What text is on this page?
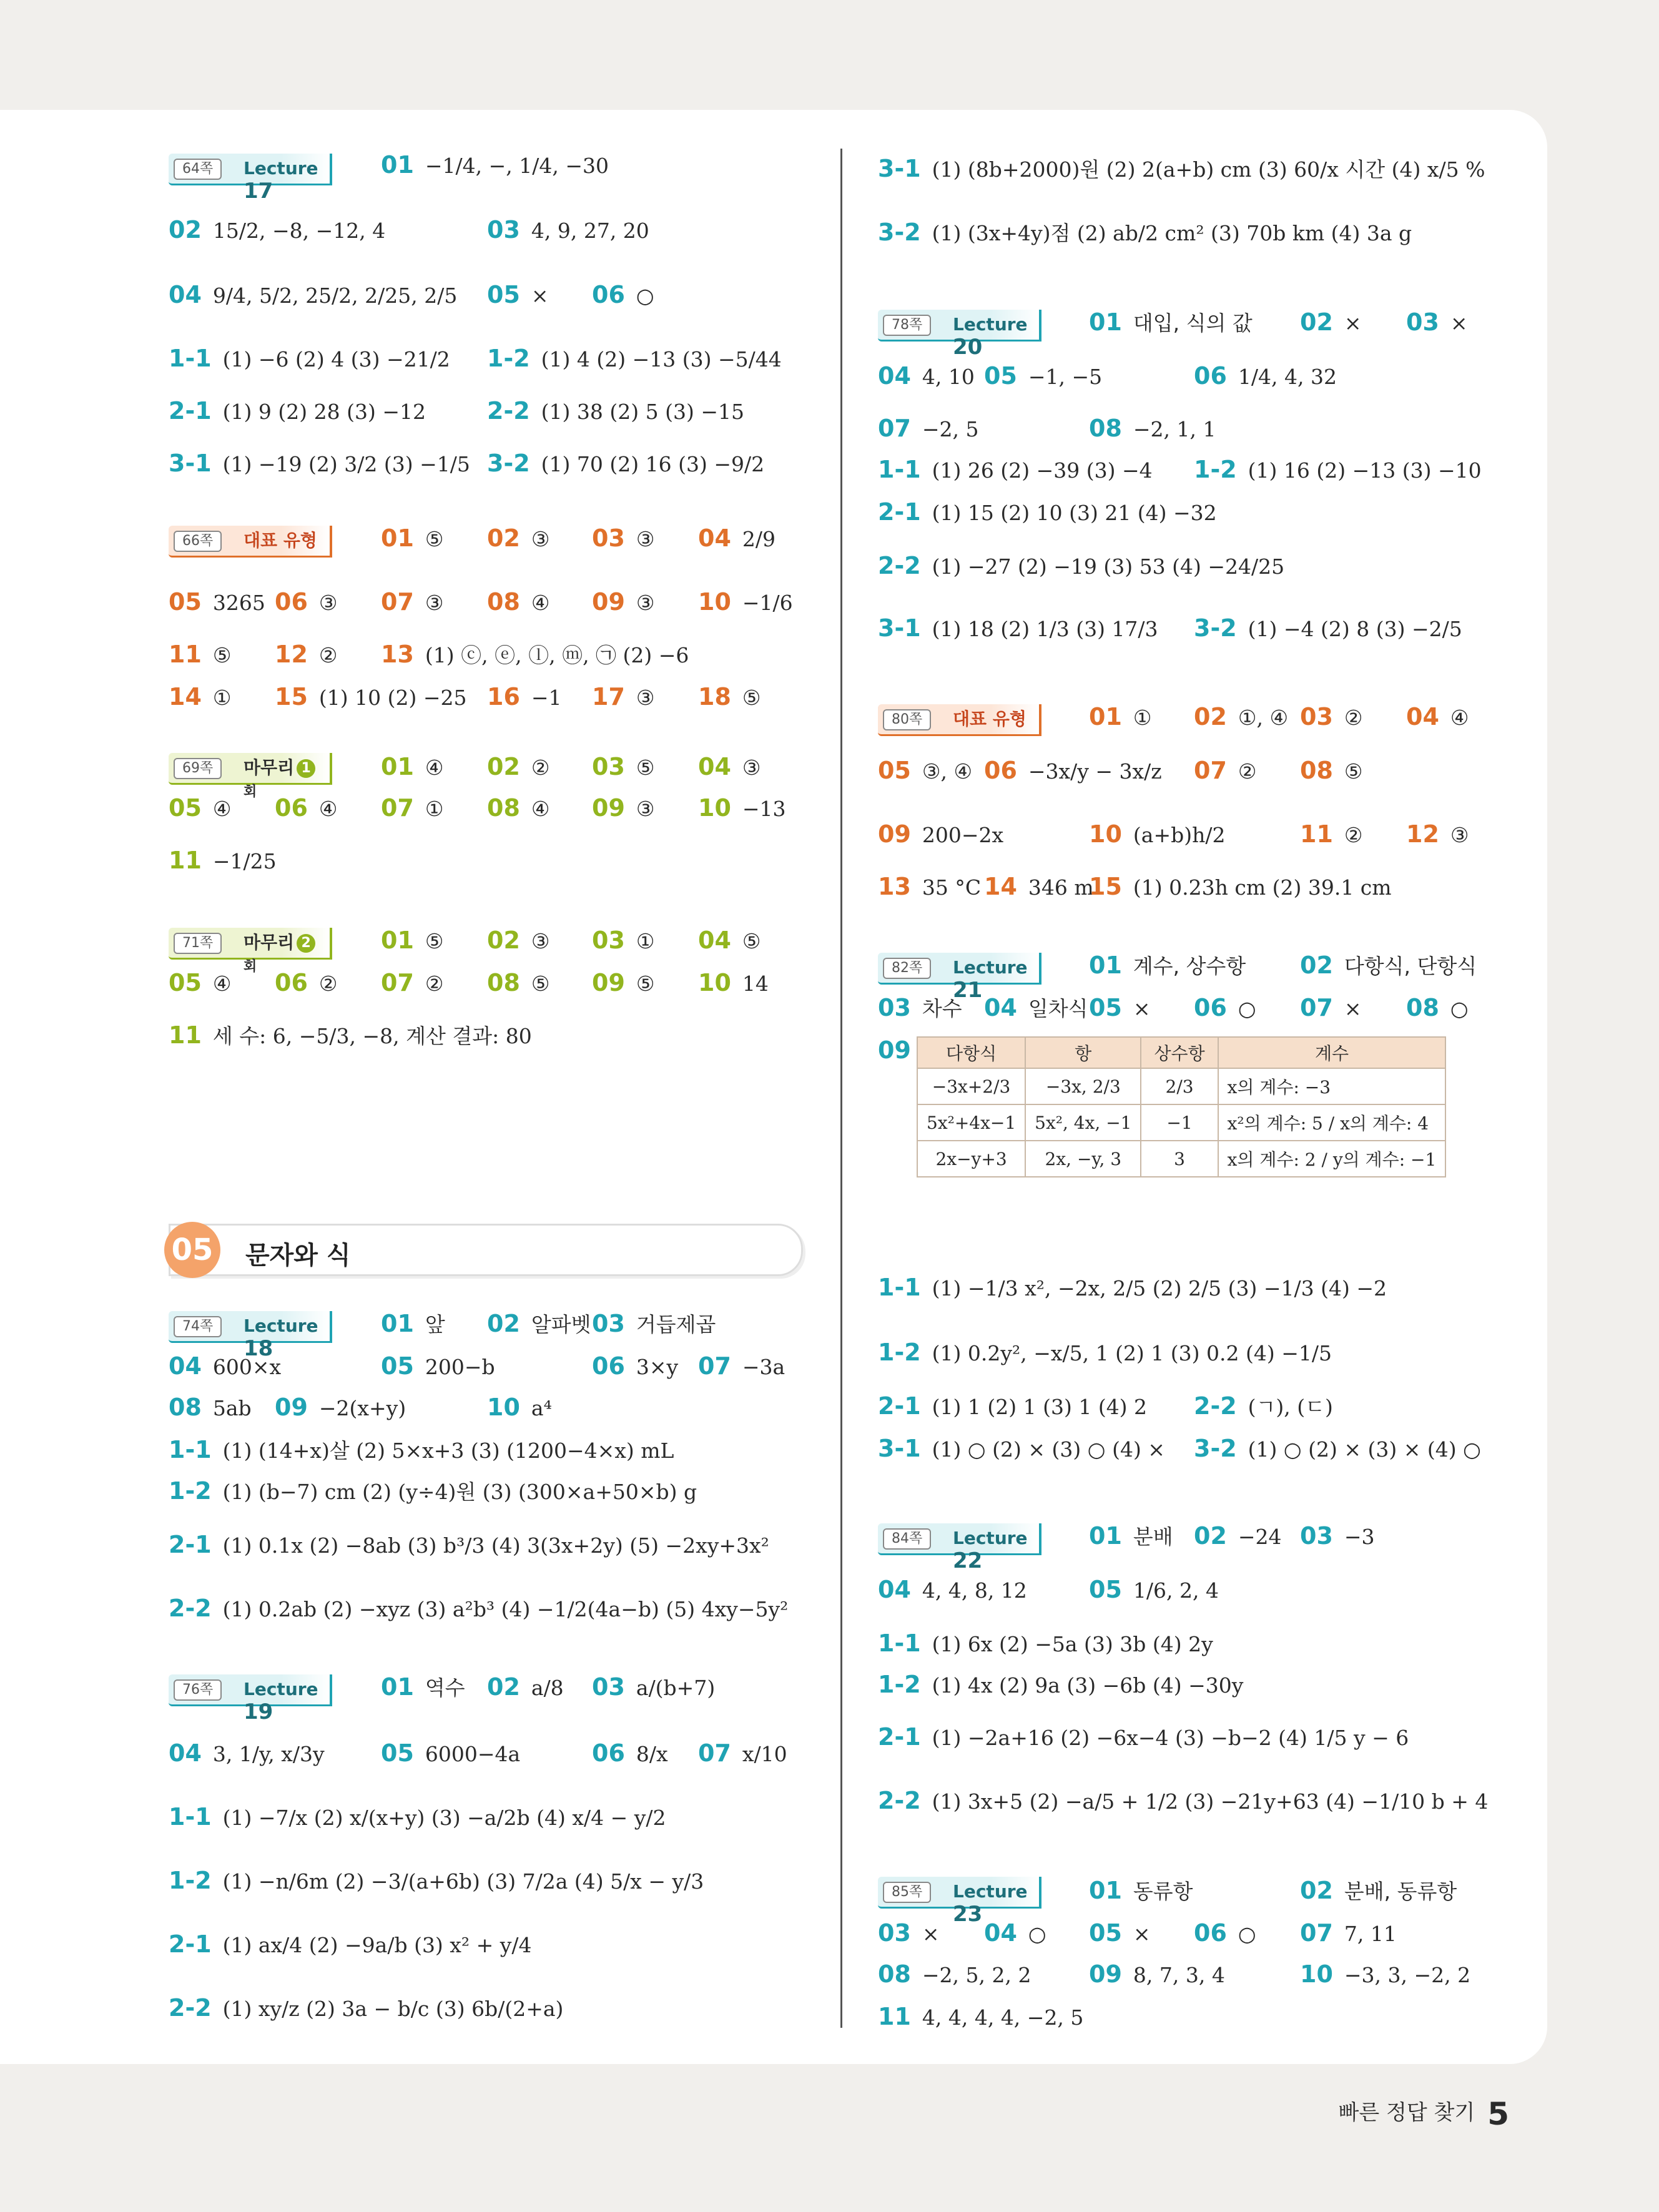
64쪽	Lecture 17
01 −1/4, −, 1/4, −30
02 15/2, −8, −12, 4	03 4, 9, 27, 20
04 9/4, 5/2, 25/2, 2/25, 2/5 05 × 06 ○
1-1 (1) −6 (2) 4 (3) −21/2 1-2 (1) 4 (2) −13 (3) −5/44
2-1 (1) 9 (2) 28 (3) −12	2-2 (1) 38 (2) 5 (3) −15
3-1 (1) −19 (2) 3/2 (3) −1/5 3-2 (1) 70 (2) 16 (3) −9/2
66쪽	대표 유형	01 ⑤ 02 ③ 03 ③ 04 2/9
05 3265 06 ③ 07 ③ 08 ④ 09 ③ 10 −1/6
11 ⑤ 12 ② 13 (1) ⓒ, ⓔ, ⓛ, ⓜ, ㉠ (2) −6
14 ① 15 (1) 10 (2) −25 16 −1 17 ③ 18 ⑤
69쪽	마무리 1회
01 ④ 02 ② 03 ⑤ 04 ③
05 ④ 06 ④ 07 ① 08 ④ 09 ③ 10 −13
11 −1/25
71쪽	마무리 2회
01 ⑤ 02 ③ 03 ① 04 ⑤
05 ④ 06 ② 07 ② 08 ⑤ 09 ⑤ 10 14
11 세 수: 6, −5/3, −8, 계산 결과: 80
05 문자와 식
74쪽	Lecture 18
01 앞 02 알파벳 03 거듭제곱
04 600×x	05 200−b	06 3×y 07 −3a
08 5ab 09 −2(x+y)	10 a⁴
1-1 (1) (14+x)살 (2) 5×x+3 (3) (1200−4×x) mL
1-2 (1) (b−7) cm (2) (y÷4)원 (3) (300×a+50×b) g
2-1 (1) 0.1x (2) −8ab (3) b³/3 (4) 3(3x+2y) (5) −2xy+3x²
2-2 (1) 0.2ab (2) −xyz (3) a²b³ (4) −1/2(4a−b) (5) 4xy−5y²
76쪽	Lecture 19
01 역수 02 a/8 03 a/(b+7)
04 3, 1/y, x/3y 05 6000−4a	06 8/x 07 x/10
1-1 (1) −7/x (2) x/(x+y) (3) −a/2b (4) x/4 − y/2
1-2 (1) −n/6m (2) −3/(a+6b) (3) 7/2a (4) 5/x − y/3
2-1 (1) ax/4 (2) −9a/b (3) x² + y/4
2-2 (1) xy/z (2) 3a − b/c (3) 6b/(2+a)
3-1 (1) (8b+2000)원 (2) 2(a+b) cm (3) 60/x 시간 (4) x/5 %
3-2 (1) (3x+4y)점 (2) ab/2 cm² (3) 70b km (4) 3a g
78쪽	Lecture 20
01 대입, 식의 값 02 × 03 ×
04 4, 10 05 −1, −5	06 1/4, 4, 32
07 −2, 5	08 −2, 1, 1
1-1 (1) 26 (2) −39 (3) −4 1-2 (1) 16 (2) −13 (3) −10
2-1 (1) 15 (2) 10 (3) 21 (4) −32
2-2 (1) −27 (2) −19 (3) 53 (4) −24/25
3-1 (1) 18 (2) 1/3 (3) 17/3 3-2 (1) −4 (2) 8 (3) −2/5
80쪽	대표 유형	01 ① 02 ①, ④ 03 ② 04 ④
05 ③, ④ 06 −3x/y − 3x/z 07 ② 08 ⑤
09 200−2x	10 (a+b)h/2	11 ② 12 ③
13 35 °C 14 346 m
15 (1) 0.23h cm (2) 39.1 cm
82쪽	Lecture 21
01 계수, 상수항 02 다항식, 단항식
03 차수 04 일차식 05 × 06 ○ 07 × 08 ○
09	다항식	항	상수항	계수
−3x+2/3	−3x, 2/3	2/3	x의 계수: −3
5x²+4x−1	5x², 4x, −1	−1	x²의 계수: 5 / x의 계수: 4
2x−y+3	2x, −y, 3	3	x의 계수: 2 / y의 계수: −1
1-1 (1) −1/3 x², −2x, 2/5 (2) 2/5 (3) −1/3 (4) −2
1-2 (1) 0.2y², −x/5, 1 (2) 1 (3) 0.2 (4) −1/5
2-1 (1) 1 (2) 1 (3) 1 (4) 2 2-2 (ㄱ), (ㄷ)
3-1 (1) ○ (2) × (3) ○ (4) × 3-2 (1) ○ (2) × (3) × (4) ○
84쪽	Lecture 22
01 분배 02 −24 03 −3
04 4, 4, 8, 12	05 1/6, 2, 4
1-1 (1) 6x (2) −5a (3) 3b (4) 2y
1-2 (1) 4x (2) 9a (3) −6b (4) −30y
2-1 (1) −2a+16 (2) −6x−4 (3) −b−2 (4) 1/5 y − 6
2-2 (1) 3x+5 (2) −a/5 + 1/2 (3) −21y+63 (4) −1/10 b + 4
85쪽	Lecture 23
01 동류항	02 분배, 동류항
03 × 04 ○ 05 × 06 ○ 07 7, 11
08 −2, 5, 2, 2 09 8, 7, 3, 4	10 −3, 3, −2, 2
11 4, 4, 4, 4, −2, 5
빠른 정답 찾기 5
